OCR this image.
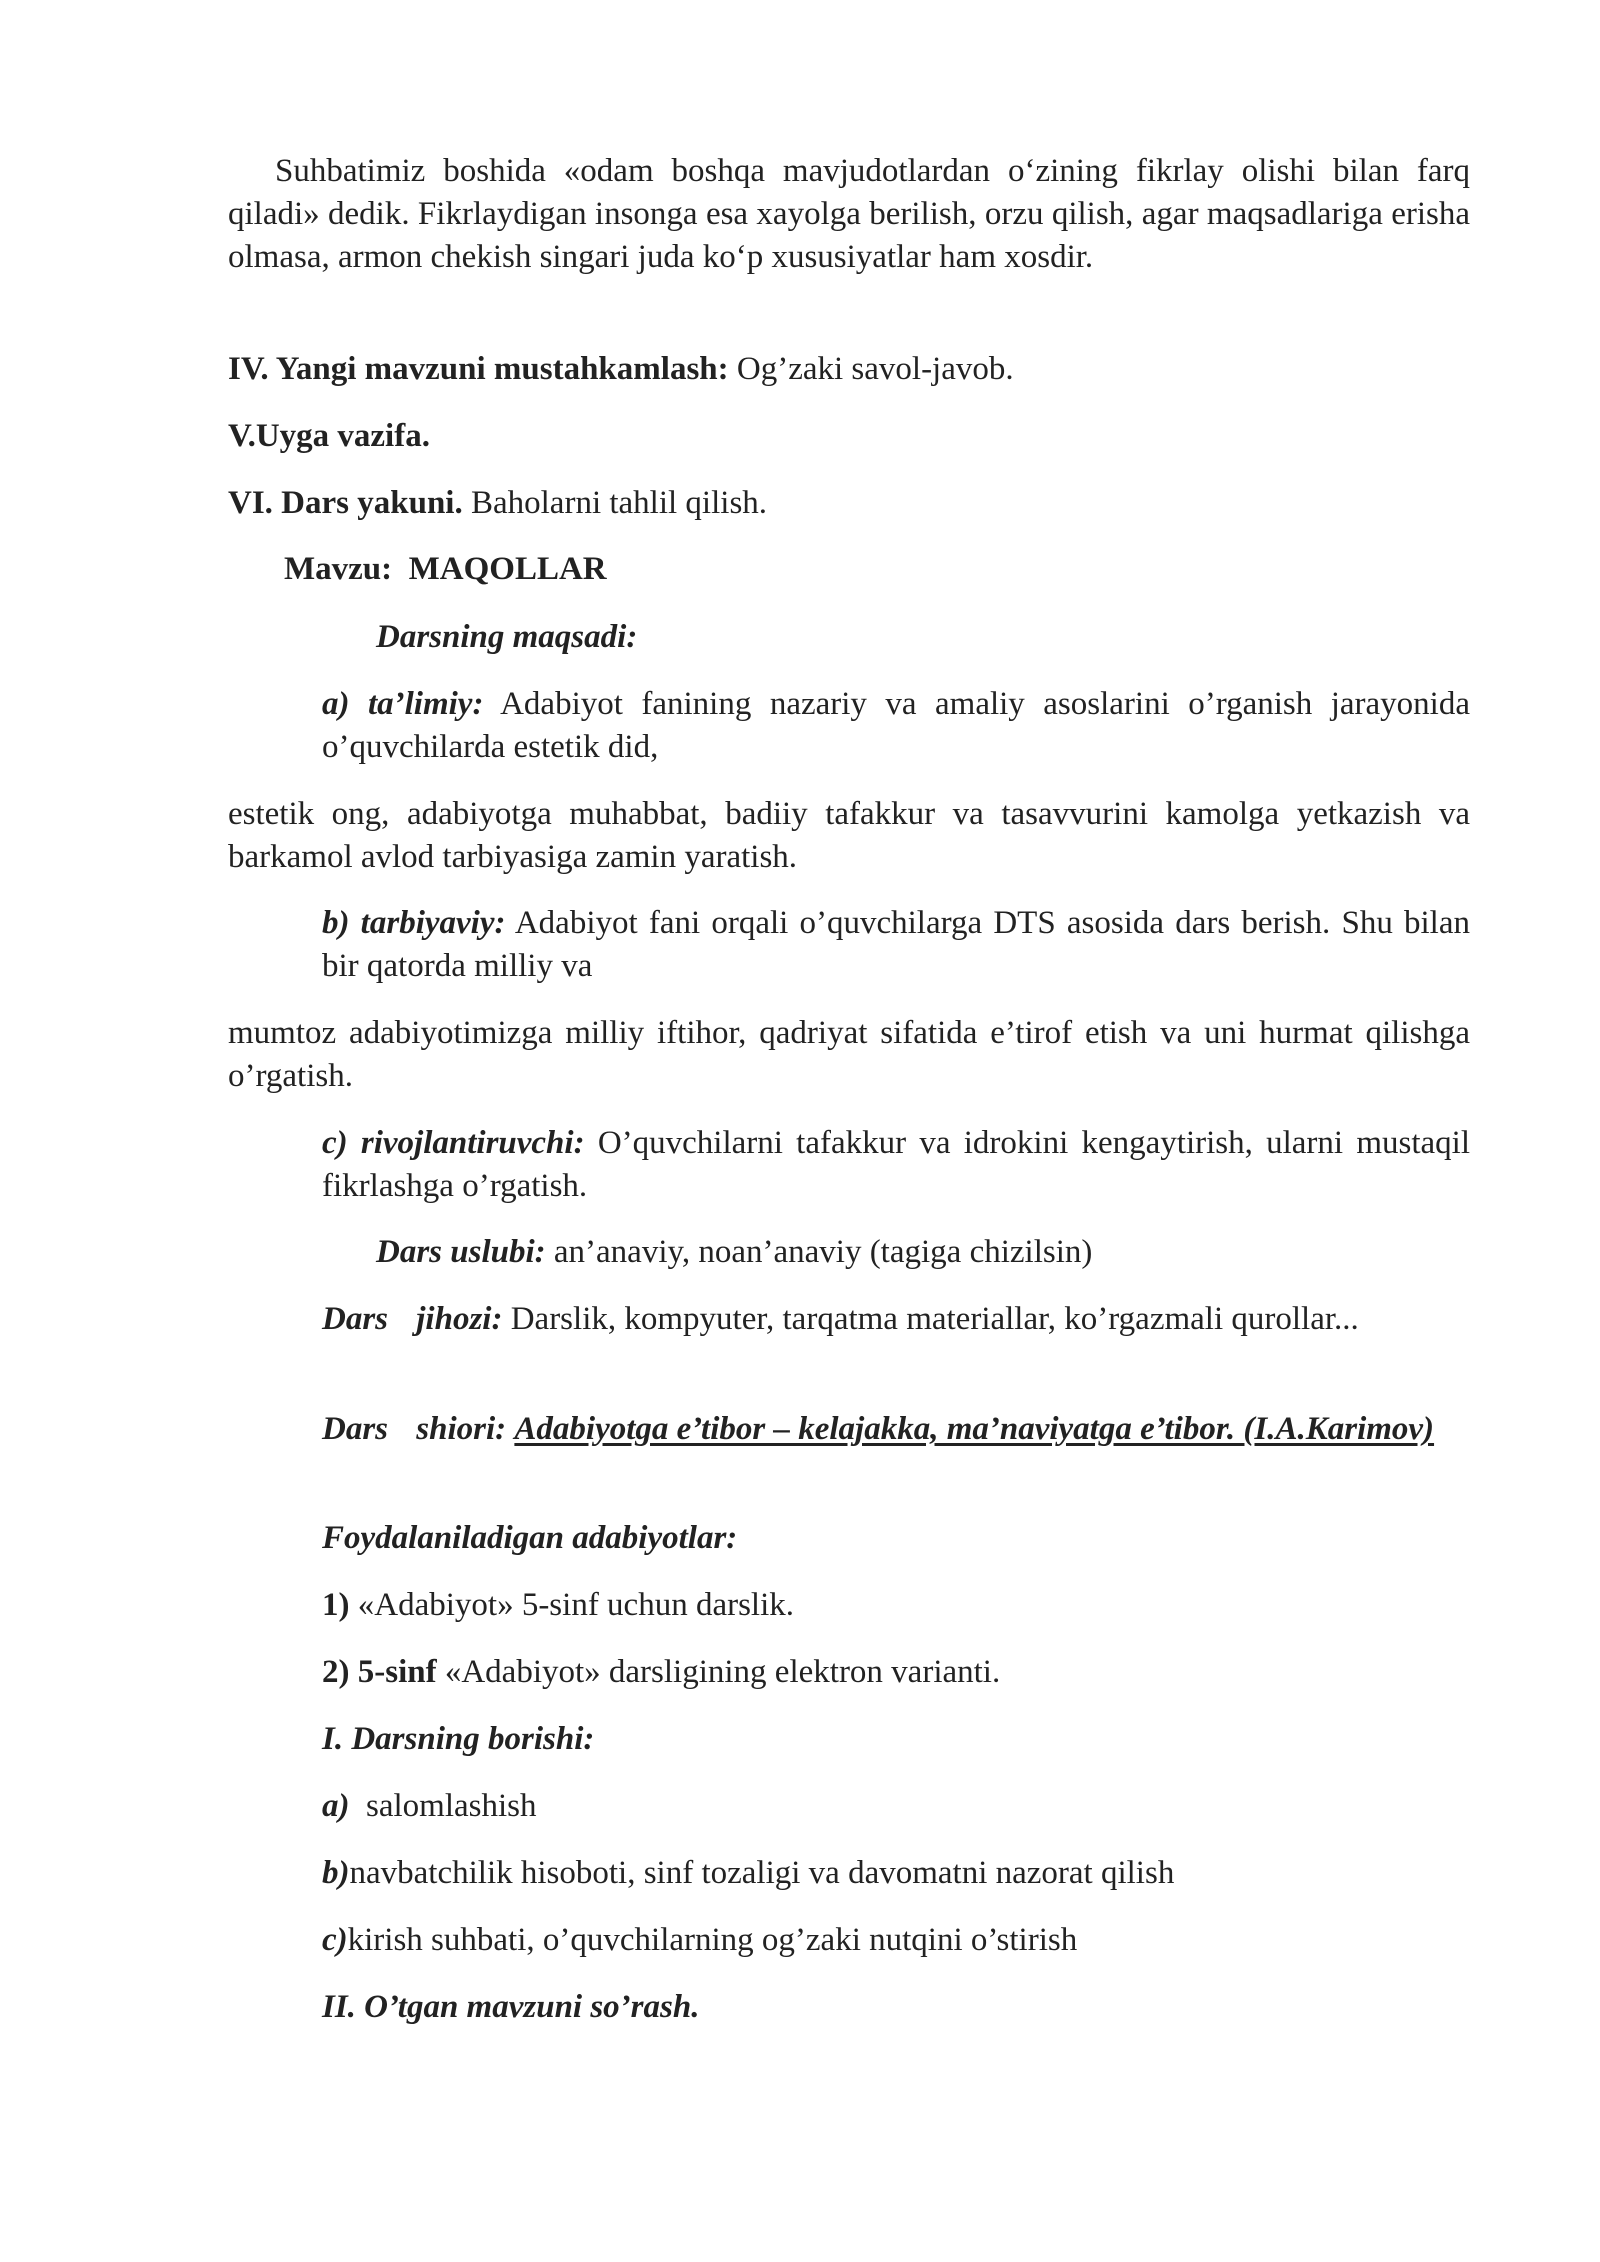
Suhbatimiz boshida «odam boshqa mavjudotlardan o‘zining fikrlay olishi bilan farq qiladi» dedik. Fikrlaydigan insonga esa xayolga berilish, orzu qilish, agar maqsadlariga erisha olmasa, armon chekish singari juda ko‘p xususiyatlar ham xosdir.

IV. Yangi mavzuni mustahkamlash: Og’zaki savol-javob.

V.Uyga vazifa.

VI. Dars yakuni. Baholarni tahlil qilish.

Mavzu: MAQOLLAR

Darsning maqsadi:

a) ta’limiy: Adabiyot fanining nazariy va amaliy asoslarini o’rganish jarayonida o’quvchilarda estetik did,

estetik ong, adabiyotga muhabbat, badiiy tafakkur va tasavvurini kamolga yetkazish va barkamol avlod tarbiyasiga zamin yaratish.

b) tarbiyaviy: Adabiyot fani orqali o’quvchilarga DTS asosida dars berish. Shu bilan bir qatorda milliy va

mumtoz adabiyotimizga milliy iftihor, qadriyat sifatida e’tirof etish va uni hurmat qilishga o’rgatish.

c) rivojlantiruvchi: O’quvchilarni tafakkur va idrokini kengaytirish, ularni mustaqil fikrlashga o’rgatish.

Dars uslubi: an’anaviy, noan’anaviy (tagiga chizilsin)

Dars jihozi: Darslik, kompyuter, tarqatma materiallar, ko’rgazmali qurollar...

Dars shiori: Adabiyotga e’tibor – kelajakka, ma’naviyatga e’tibor. (I.A.Karimov)

Foydalaniladigan adabiyotlar:

1) «Adabiyot» 5-sinf uchun darslik.

2) 5-sinf «Adabiyot» darsligining elektron varianti.

I. Darsning borishi:

a)  salomlashish

b)navbatchilik hisoboti, sinf tozaligi va davomatni nazorat qilish

c)kirish suhbati, o’quvchilarning og’zaki nutqini o’stirish

II. O’tgan mavzuni so’rash.
